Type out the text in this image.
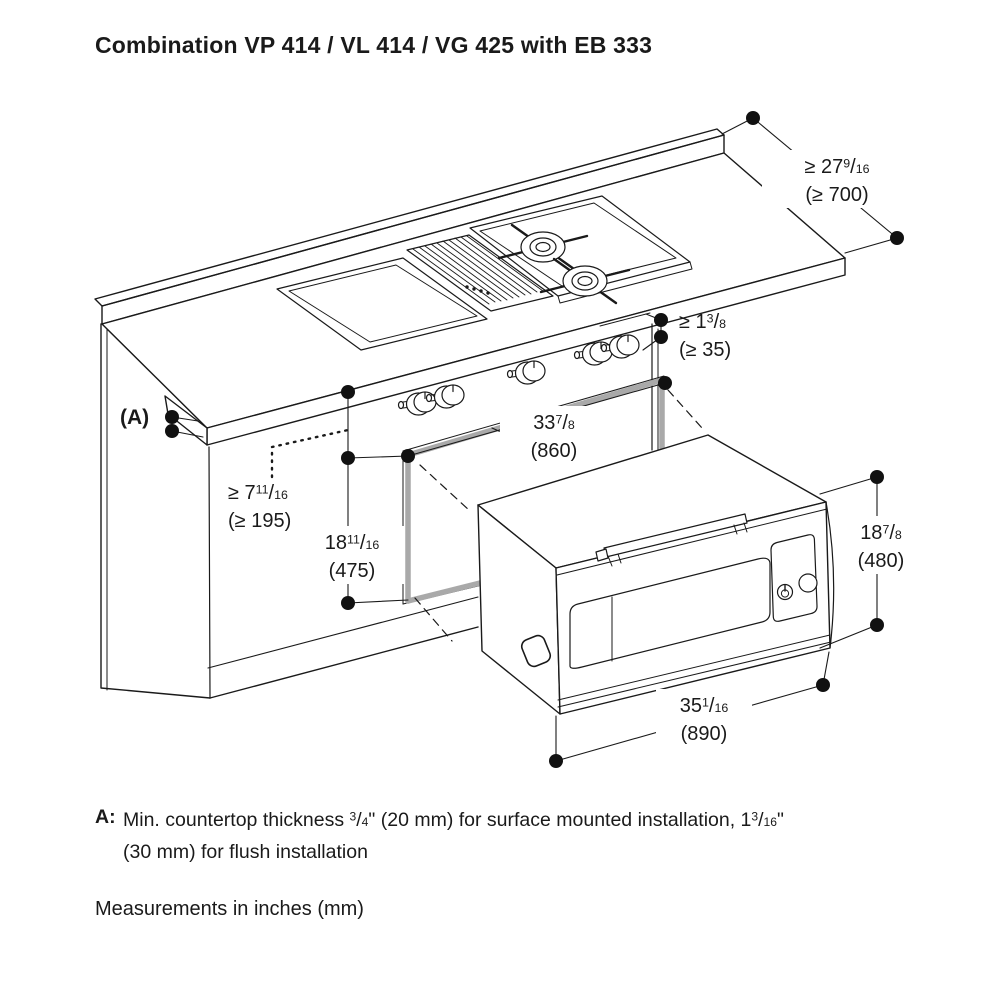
Combination VP 414 / VL 414 / VG 425 with EB 333
≥ $27^9/16$
(≥ 700)
(A)
≥ $1^3/8$
(≥ 35)
$33^7/8$
(860)
$18^{11}/16$
(475)
≥ $7^{11}/16$
(≥ 195)
$18^7/8$
(480)
$35^1/16$
(890)
A: Min. countertop thickness $^3$/4" (20 mm) for surface mounted installation, $1^3/16$"
(30 mm) for flush installation
Measurements in inches (mm)
